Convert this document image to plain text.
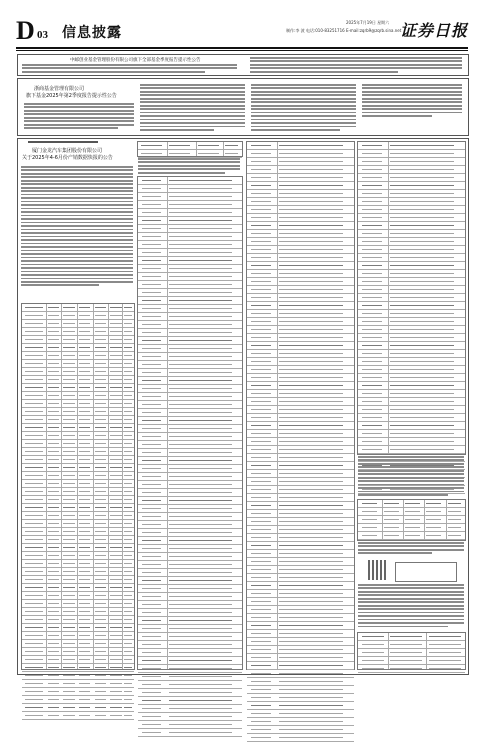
D 03 信息披露
2025年7月19日 星期六
制作:李 波 电话:010-83251716 E-mail:zqrb9@zqrb.sina.net
证券日报
中邮创业基金管理股份有限公司旗下全部基金季度报告提示性公告
浙商基金管理有限公司
旗下基金2025年第2季度报告提示性公告
厦门金龙汽车集团股份有限公司
关于2025年4-6月份产销数据快报的公告
